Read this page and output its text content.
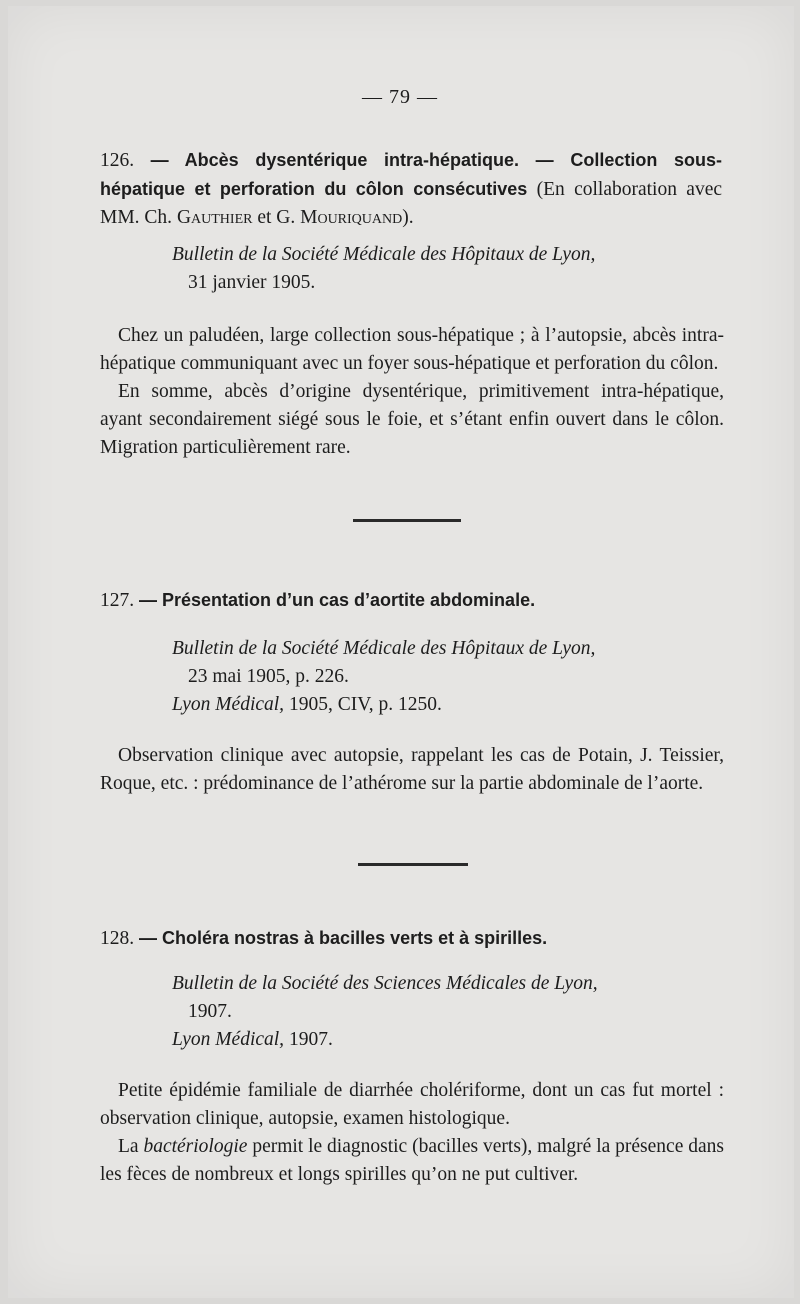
— 79 —
126. — Abcès dysentérique intra-hépatique. — Collection sous-hépatique et perforation du côlon consécutives (En collaboration avec MM. Ch. Gauthier et G. Mouriquand).
Bulletin de la Société Médicale des Hôpitaux de Lyon,
31 janvier 1905.

Chez un paludéen, large collection sous-hépatique ; à l’autopsie, abcès intra-hépatique communiquant avec un foyer sous-hépatique et perforation du côlon.

En somme, abcès d’origine dysentérique, primitivement intra-hépatique, ayant secondairement siégé sous le foie, et s’étant enfin ouvert dans le côlon. Migration particulièrement rare.

127. — Présentation d’un cas d’aortite abdominale.
Bulletin de la Société Médicale des Hôpitaux de Lyon,
23 mai 1905, p. 226.
Lyon Médical, 1905, CIV, p. 1250.

Observation clinique avec autopsie, rappelant les cas de Potain, J. Teissier, Roque, etc. : prédominance de l’athérome sur la partie abdominale de l’aorte.

128. — Choléra nostras à bacilles verts et à spirilles.
Bulletin de la Société des Sciences Médicales de Lyon,
1907.
Lyon Médical, 1907.

Petite épidémie familiale de diarrhée cholériforme, dont un cas fut mortel : observation clinique, autopsie, examen histologique.

La bactériologie permit le diagnostic (bacilles verts), malgré la présence dans les fèces de nombreux et longs spirilles qu’on ne put cultiver.
